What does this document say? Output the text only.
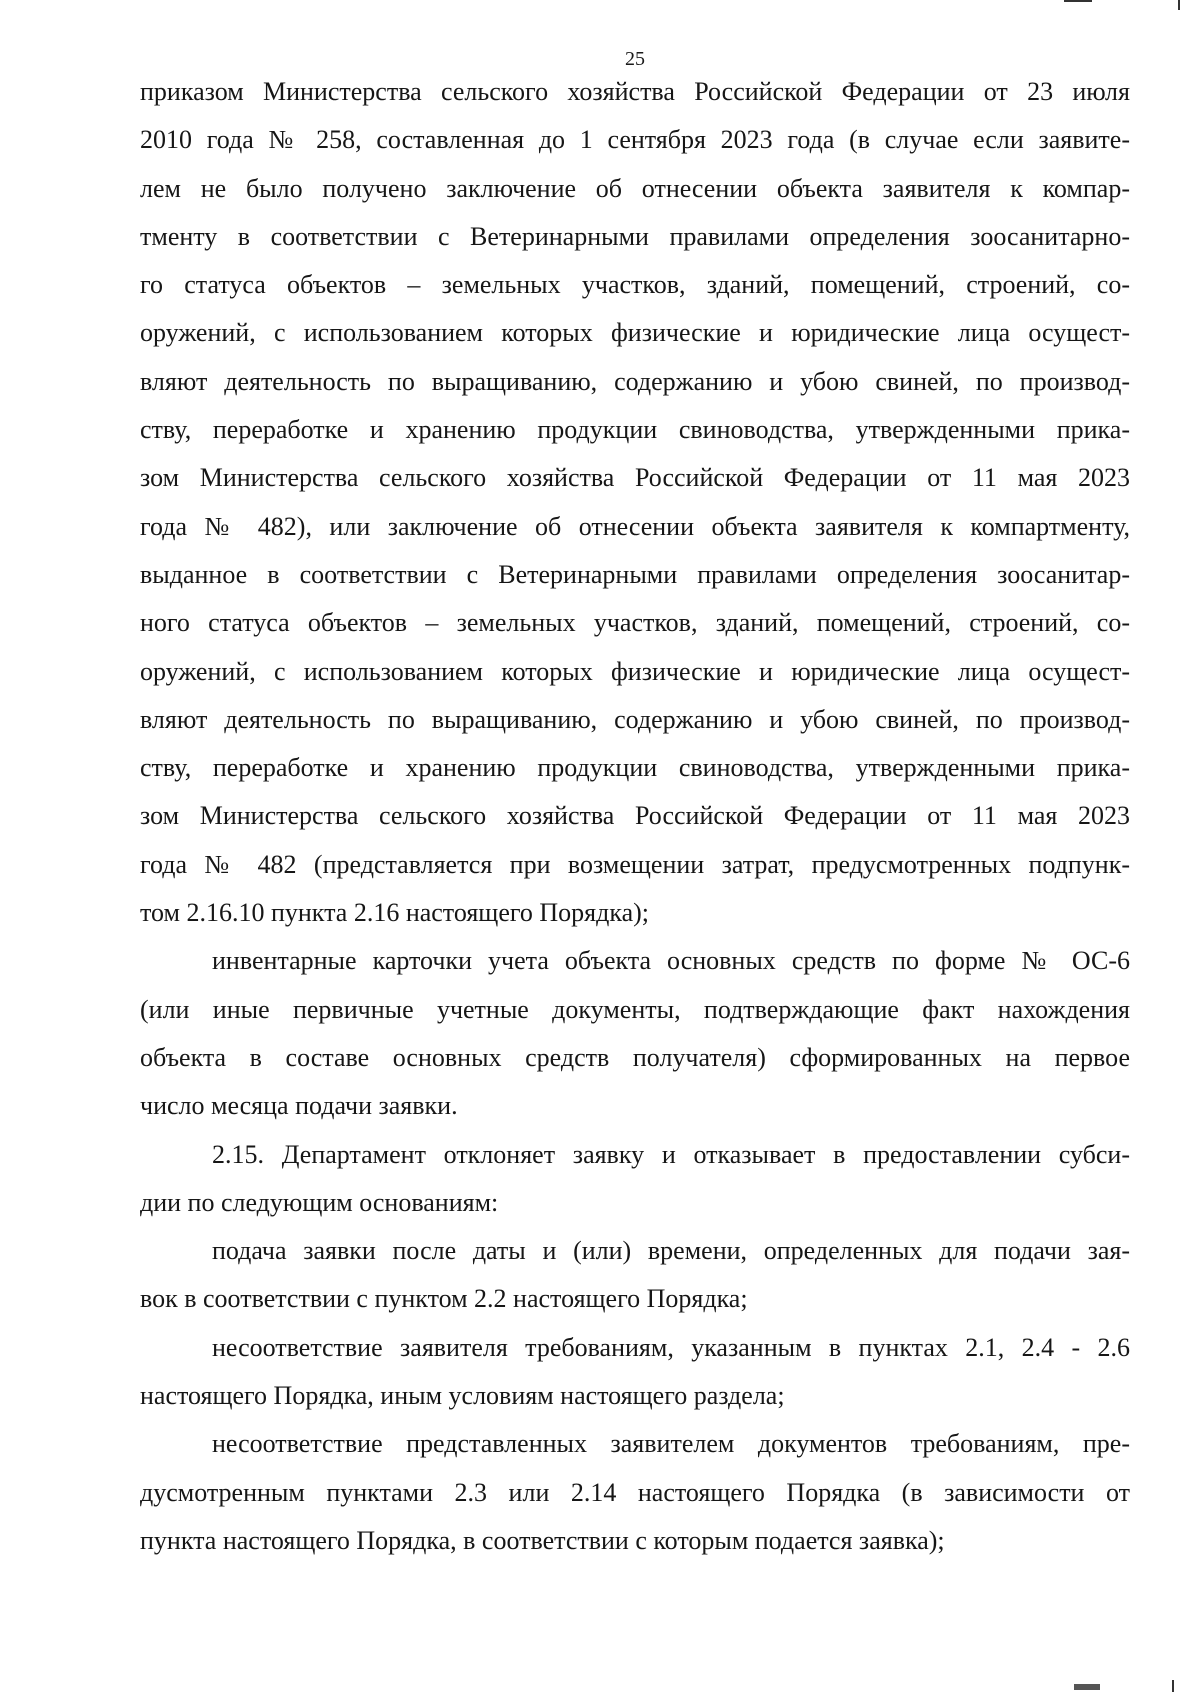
25

приказом Министерства сельского хозяйства Российской Федерации от 23 июля

2010 года № 258, составленная до 1 сентября 2023 года (в случае если заявите-

лем не было получено заключение об отнесении объекта заявителя к компар-

тменту в соответствии с Ветеринарными правилами определения зоосанитарно-

го статуса объектов – земельных участков, зданий, помещений, строений, со-

оружений, с использованием которых физические и юридические лица осущест-

вляют деятельность по выращиванию, содержанию и убою свиней, по производ-

ству, переработке и хранению продукции свиноводства, утвержденными прика-

зом Министерства сельского хозяйства Российской Федерации от 11 мая 2023

года № 482), или заключение об отнесении объекта заявителя к компартменту,

выданное в соответствии с Ветеринарными правилами определения зоосанитар-

ного статуса объектов – земельных участков, зданий, помещений, строений, со-

оружений, с использованием которых физические и юридические лица осущест-

вляют деятельность по выращиванию, содержанию и убою свиней, по производ-

ству, переработке и хранению продукции свиноводства, утвержденными прика-

зом Министерства сельского хозяйства Российской Федерации от 11 мая 2023

года № 482 (представляется при возмещении затрат, предусмотренных подпунк-

том 2.16.10 пункта 2.16 настоящего Порядка);

инвентарные карточки учета объекта основных средств по форме № ОС-6

(или иные первичные учетные документы, подтверждающие факт нахождения

объекта в составе основных средств получателя) сформированных на первое

число месяца подачи заявки.

2.15. Департамент отклоняет заявку и отказывает в предоставлении субси-

дии по следующим основаниям:

подача заявки после даты и (или) времени, определенных для подачи зая-

вок в соответствии с пунктом 2.2 настоящего Порядка;

несоответствие заявителя требованиям, указанным в пунктах 2.1, 2.4 - 2.6

настоящего Порядка, иным условиям настоящего раздела;

несоответствие представленных заявителем документов требованиям, пре-

дусмотренным пунктами 2.3 или 2.14 настоящего Порядка (в зависимости от

пункта настоящего Порядка, в соответствии с которым подается заявка);
